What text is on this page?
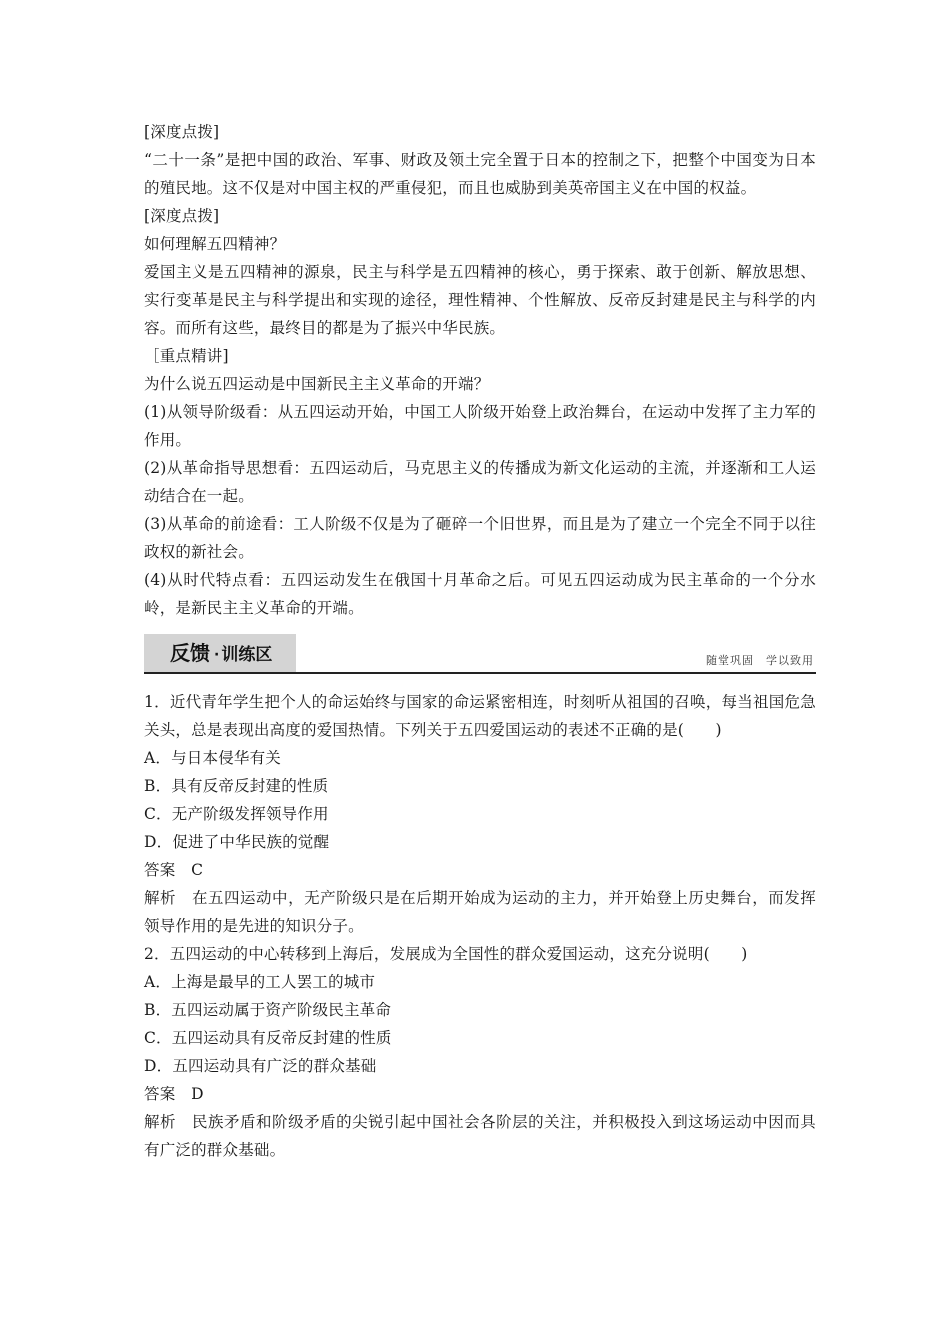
[深度点拨]
“二十一条”是把中国的政治、军事、财政及领土完全置于日本的控制之下，把整个中国变为日本的殖民地。这不仅是对中国主权的严重侵犯，而且也威胁到美英帝国主义在中国的权益。
[深度点拨]
如何理解五四精神？
爱国主义是五四精神的源泉，民主与科学是五四精神的核心，勇于探索、敢于创新、解放思想、实行变革是民主与科学提出和实现的途径，理性精神、个性解放、反帝反封建是民主与科学的内容。而所有这些，最终目的都是为了振兴中华民族。
［重点精讲]
为什么说五四运动是中国新民主主义革命的开端？
(1)从领导阶级看：从五四运动开始，中国工人阶级开始登上政治舞台，在运动中发挥了主力军的作用。
(2)从革命指导思想看：五四运动后，马克思主义的传播成为新文化运动的主流，并逐渐和工人运动结合在一起。
(3)从革命的前途看：工人阶级不仅是为了砸碎一个旧世界，而且是为了建立一个完全不同于以往政权的新社会。
(4)从时代特点看：五四运动发生在俄国十月革命之后。可见五四运动成为民主革命的一个分水岭，是新民主主义革命的开端。
反馈 · 训练区	随堂巩固　学以致用
1．近代青年学生把个人的命运始终与国家的命运紧密相连，时刻听从祖国的召唤，每当祖国危急关头，总是表现出高度的爱国热情。下列关于五四爱国运动的表述不正确的是(　　)
A．与日本侵华有关
B．具有反帝反封建的性质
C．无产阶级发挥领导作用
D．促进了中华民族的觉醒
答案　C
解析　在五四运动中，无产阶级只是在后期开始成为运动的主力，并开始登上历史舞台，而发挥领导作用的是先进的知识分子。
2．五四运动的中心转移到上海后，发展成为全国性的群众爱国运动，这充分说明(　　)
A．上海是最早的工人罢工的城市
B．五四运动属于资产阶级民主革命
C．五四运动具有反帝反封建的性质
D．五四运动具有广泛的群众基础
答案　D
解析　民族矛盾和阶级矛盾的尖锐引起中国社会各阶层的关注，并积极投入到这场运动中因而具有广泛的群众基础。
